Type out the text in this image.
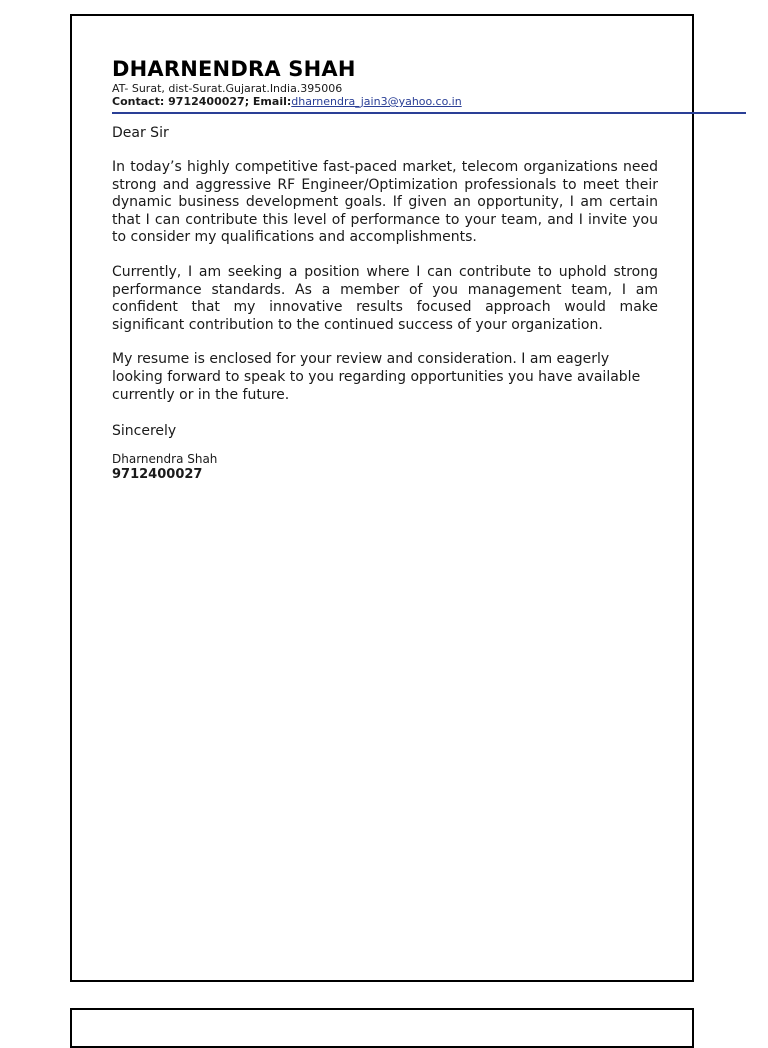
DHARNENDRA SHAH

AT- Surat, dist-Surat.Gujarat.India.395006

Contact: 9712400027; Email:dharnendra_jain3@yahoo.co.in

Dear Sir

In today’s highly competitive fast-paced market, telecom organizations need strong and aggressive RF Engineer/Optimization professionals to meet their dynamic business development goals. If given an opportunity, I am certain that I can contribute this level of performance to your team, and I invite you to consider my qualifications and accomplishments.

Currently, I am seeking a position where I can contribute to uphold strong performance standards. As a member of you management team, I am confident that my innovative results focused approach would make significant contribution to the continued success of your organization.

My resume is enclosed for your review and consideration. I am eagerly looking forward to speak to you regarding opportunities you have available currently or in the future.

Sincerely

Dharnendra Shah

9712400027
